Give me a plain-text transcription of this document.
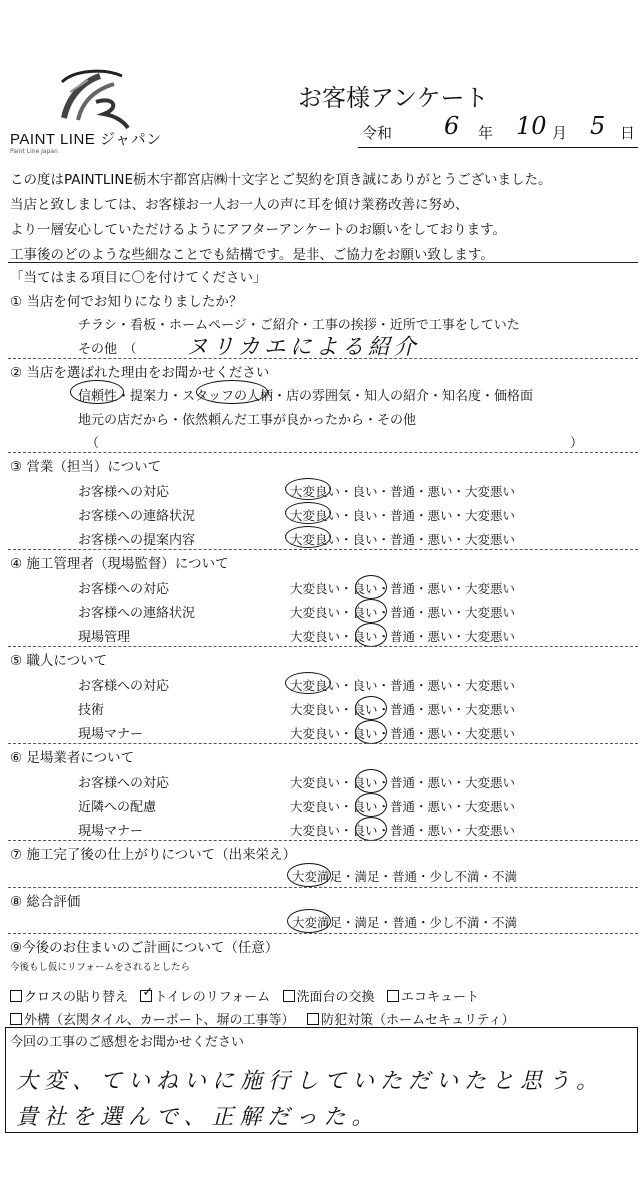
PAINT LINE ジャパン
Paint Line Japan
お客様アンケート
令和 6 年 10 月 5 日
この度はPAINTLINE栃木宇都宮店㈱十文字とご契約を頂き誠にありがとうございました。
当店と致しましては、お客様お一人お一人の声に耳を傾け業務改善に努め、
より一層安心していただけるようにアフターアンケートのお願いをしております。
工事後のどのような些細なことでも結構です。是非、ご協力をお願い致します。
「当てはまる項目に〇を付けてください」
① 当店を何でお知りになりましたか？
チラシ・看板・ホームページ・ご紹介・工事の挨拶・近所で工事をしていた
その他　（ ヌリカエによる紹介
② 当店を選ばれた理由をお聞かせください
信頼性・提案力・スタッフの人柄・店の雰囲気・知人の紹介・知名度・価格面
地元の店だから・依然頼んだ工事が良かったから・その他
（	）
③ 営業（担当）について
お客様への対応	大変良い・良い・普通・悪い・大変悪い
お客様への連絡状況	大変良い・良い・普通・悪い・大変悪い
お客様への提案内容	大変良い・良い・普通・悪い・大変悪い
④ 施工管理者（現場監督）について
お客様への対応	大変良い・良い・普通・悪い・大変悪い
お客様への連絡状況	大変良い・良い・普通・悪い・大変悪い
現場管理	大変良い・良い・普通・悪い・大変悪い
⑤ 職人について
お客様への対応	大変良い・良い・普通・悪い・大変悪い
技術	大変良い・良い・普通・悪い・大変悪い
現場マナー	大変良い・良い・普通・悪い・大変悪い
⑥ 足場業者について
お客様への対応	大変良い・良い・普通・悪い・大変悪い
近隣への配慮	大変良い・良い・普通・悪い・大変悪い
現場マナー	大変良い・良い・普通・悪い・大変悪い
⑦ 施工完了後の仕上がりについて（出来栄え）
大変満足・満足・普通・少し不満・不満
⑧ 総合評価
大変満足・満足・普通・少し不満・不満
⑨今後のお住まいのご計画について（任意）
今後もし仮にリフォームをされるとしたら
クロスの貼り替え ✓ トイレのリフォーム 洗面台の交換 エコキュート
外構（玄関タイル、カーポート、塀の工事等） 防犯対策（ホームセキュリティ）
今回の工事のご感想をお聞かせください
大変、ていねいに施行していただいたと思う。
貴社を選んで、正解だった。
